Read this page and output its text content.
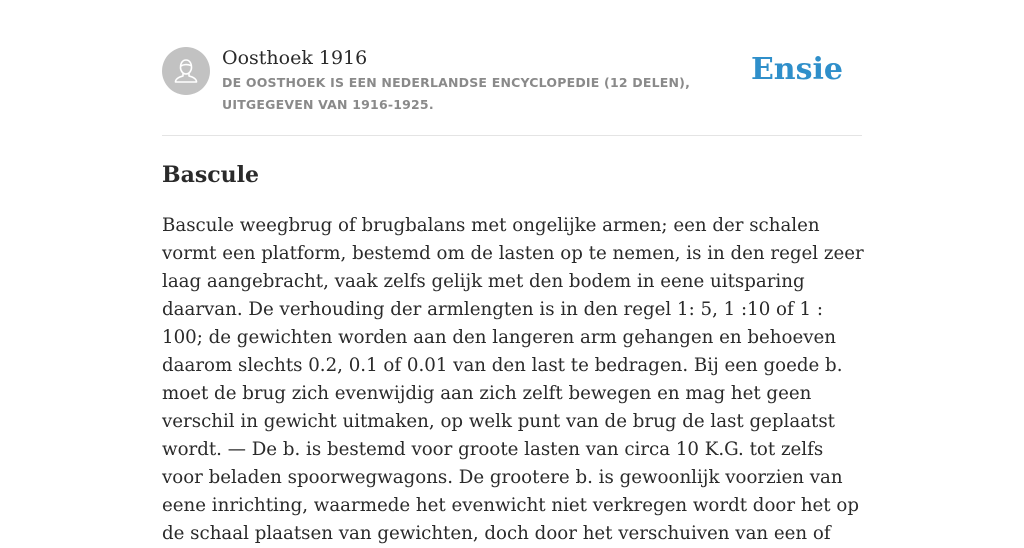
Oosthoek 1916
DE OOSTHOEK IS EEN NEDERLANDSE ENCYCLOPEDIE (12 DELEN), UITGEGEVEN VAN 1916-1925.
Ensie
Bascule

Bascule weegbrug of brugbalans met ongelijke armen; een der schalen vormt een platform, bestemd om de lasten op te nemen, is in den regel zeer laag aangebracht, vaak zelfs gelijk met den bodem in eene uitsparing daarvan. De verhouding der armlengten is in den regel 1: 5, 1 :10 of 1 : 100; de gewichten worden aan den langeren arm gehangen en behoeven daarom slechts 0.2, 0.1 of 0.01 van den last te bedragen. Bij een goede b. moet de brug zich evenwijdig aan zich zelft bewegen en mag het geen verschil in gewicht uitmaken, op welk punt van de brug de last geplaatst wordt. — De b. is bestemd voor groote lasten van circa 10 K.G. tot zelfs voor beladen spoorwegwagons. De grootere b. is gewoonlijk voorzien van eene inrichting, waarmede het evenwicht niet verkregen wordt door het op de schaal plaatsen van gewichten, doch door het verschuiven van een of
